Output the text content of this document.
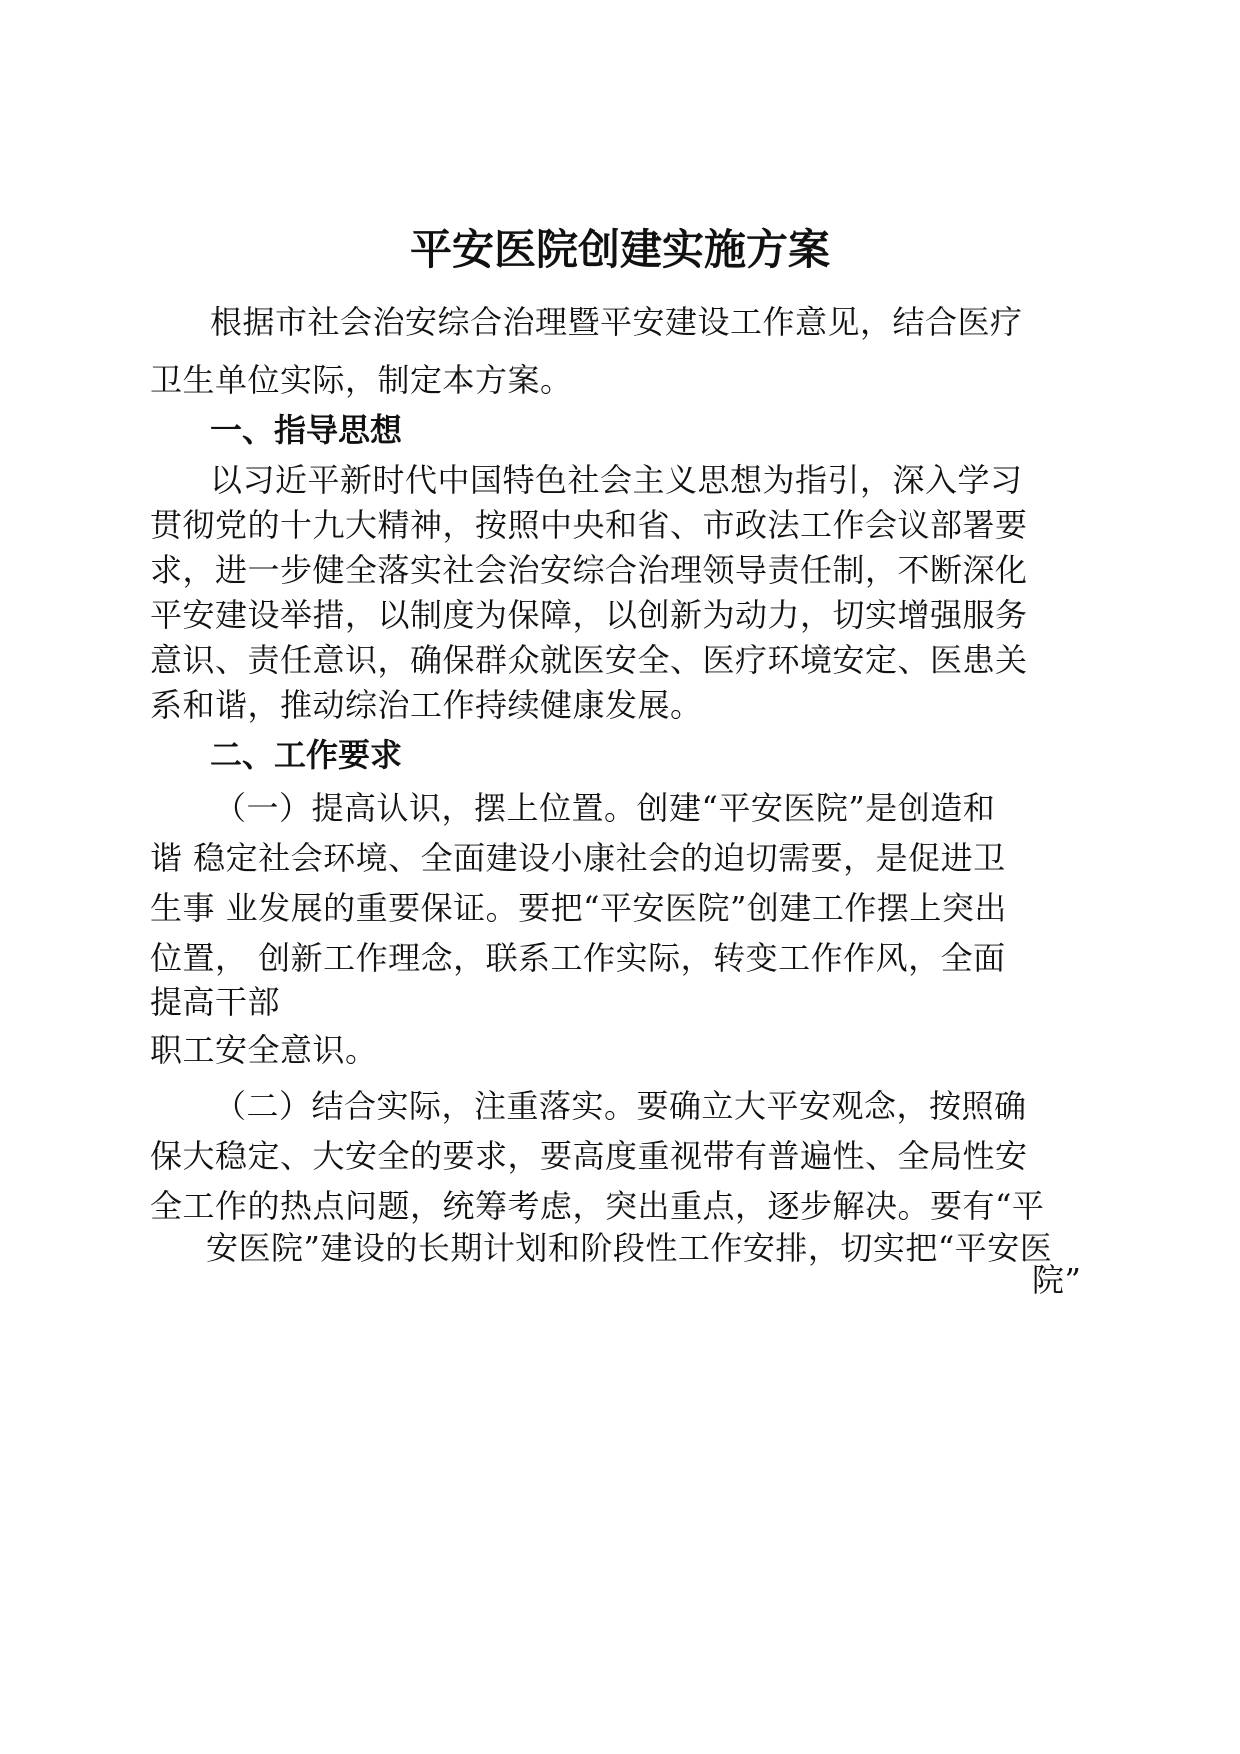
平安医院创建实施方案
根据市社会治安综合治理暨平安建设工作意见，结合医疗
卫生单位实际，制定本方案。
一、指导思想
以习近平新时代中国特色社会主义思想为指引，深入学习
贯彻党的十九大精神，按照中央和省、市政法工作会议部署要
求，进一步健全落实社会治安综合治理领导责任制，不断深化
平安建设举措，以制度为保障，以创新为动力，切实增强服务
意识、责任意识，确保群众就医安全、医疗环境安定、医患关
系和谐，推动综治工作持续健康发展。
二、工作要求
（一）提高认识，摆上位置。创建“平安医院”是创造和
谐 稳定社会环境、全面建设小康社会的迫切需要，是促进卫
生事 业发展的重要保证。要把“平安医院”创建工作摆上突出
位置， 创新工作理念，联系工作实际，转变工作作风，全面
提高干部
职工安全意识。
（二）结合实际，注重落实。要确立大平安观念，按照确
保大稳定、大安全的要求，要高度重视带有普遍性、全局性安
全工作的热点问题，统筹考虑，突出重点，逐步解决。要有“平
安医院”建设的长期计划和阶段性工作安排，切实把“平安医
院”
